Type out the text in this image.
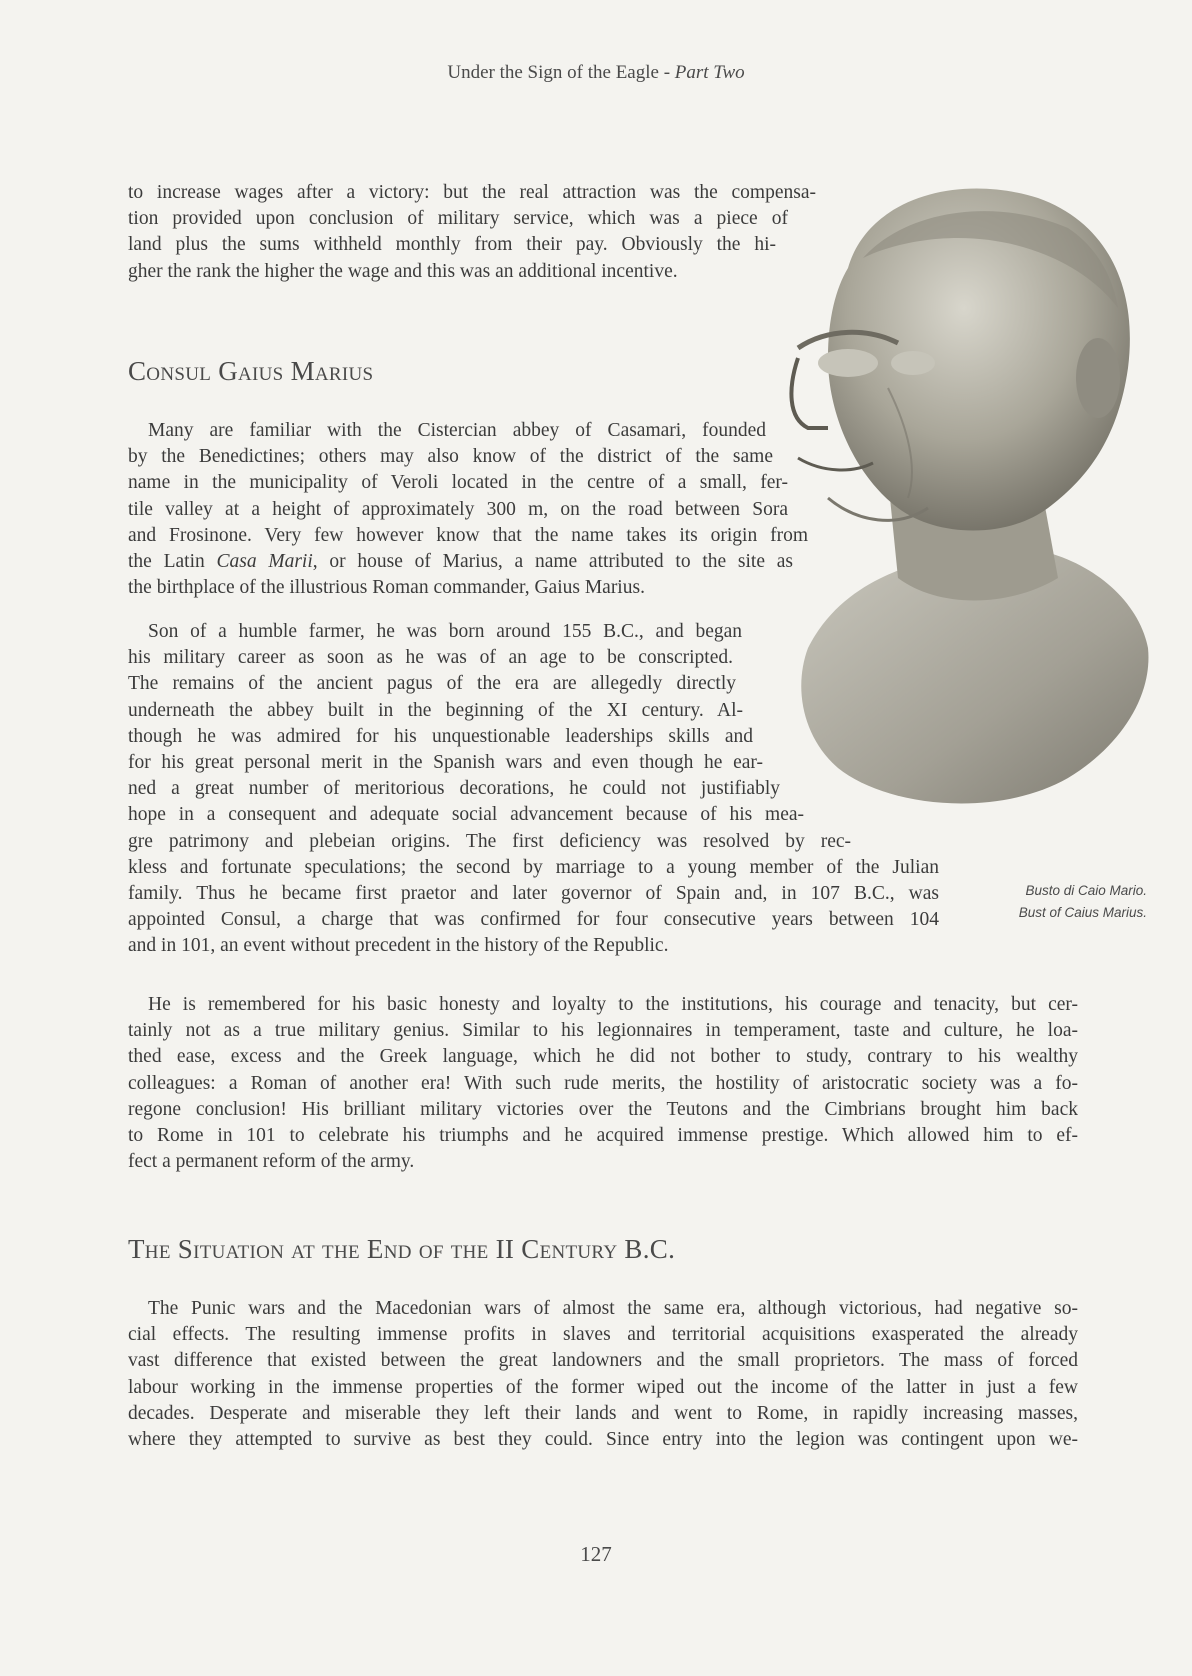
Under the Sign of the Eagle - Part Two
to increase wages after a victory: but the real attraction was the compensa-
tion provided upon conclusion of military service, which was a piece of
land plus the sums withheld monthly from their pay. Obviously the hi-
gher the rank the higher the wage and this was an additional incentive.
Consul Gaius Marius
Many are familiar with the Cistercian abbey of Casamari, founded
by the Benedictines; others may also know of the district of the same
name in the municipality of Veroli located in the centre of a small, fer-
tile valley at a height of approximately 300 m, on the road between Sora
and Frosinone. Very few however know that the name takes its origin from
the Latin Casa Marii, or house of Marius, a name attributed to the site as
the birthplace of the illustrious Roman commander, Gaius Marius.
Son of a humble farmer, he was born around 155 B.C., and began
his military career as soon as he was of an age to be conscripted.
The remains of the ancient pagus of the era are allegedly directly
underneath the abbey built in the beginning of the XI century. Al-
though he was admired for his unquestionable leaderships skills and
for his great personal merit in the Spanish wars and even though he ear-
ned a great number of meritorious decorations, he could not justifiably
hope in a consequent and adequate social advancement because of his mea-
gre patrimony and plebeian origins. The first deficiency was resolved by rec-
kless and fortunate speculations; the second by marriage to a young member of the Julian
family. Thus he became first praetor and later governor of Spain and, in 107 B.C., was
appointed Consul, a charge that was confirmed for four consecutive years between 104
and in 101, an event without precedent in the history of the Republic.
Busto di Caio Mario.
Bust of Caius Marius.
He is remembered for his basic honesty and loyalty to the institutions, his courage and tenacity, but cer-
tainly not as a true military genius. Similar to his legionnaires in temperament, taste and culture, he loa-
thed ease, excess and the Greek language, which he did not bother to study, contrary to his wealthy
colleagues: a Roman of another era! With such rude merits, the hostility of aristocratic society was a fo-
regone conclusion! His brilliant military victories over the Teutons and the Cimbrians brought him back
to Rome in 101 to celebrate his triumphs and he acquired immense prestige. Which allowed him to ef-
fect a permanent reform of the army.
The Situation at the End of the II Century B.C.
The Punic wars and the Macedonian wars of almost the same era, although victorious, had negative so-
cial effects. The resulting immense profits in slaves and territorial acquisitions exasperated the already
vast difference that existed between the great landowners and the small proprietors. The mass of forced
labour working in the immense properties of the former wiped out the income of the latter in just a few
decades. Desperate and miserable they left their lands and went to Rome, in rapidly increasing masses,
where they attempted to survive as best they could. Since entry into the legion was contingent upon we-
127
